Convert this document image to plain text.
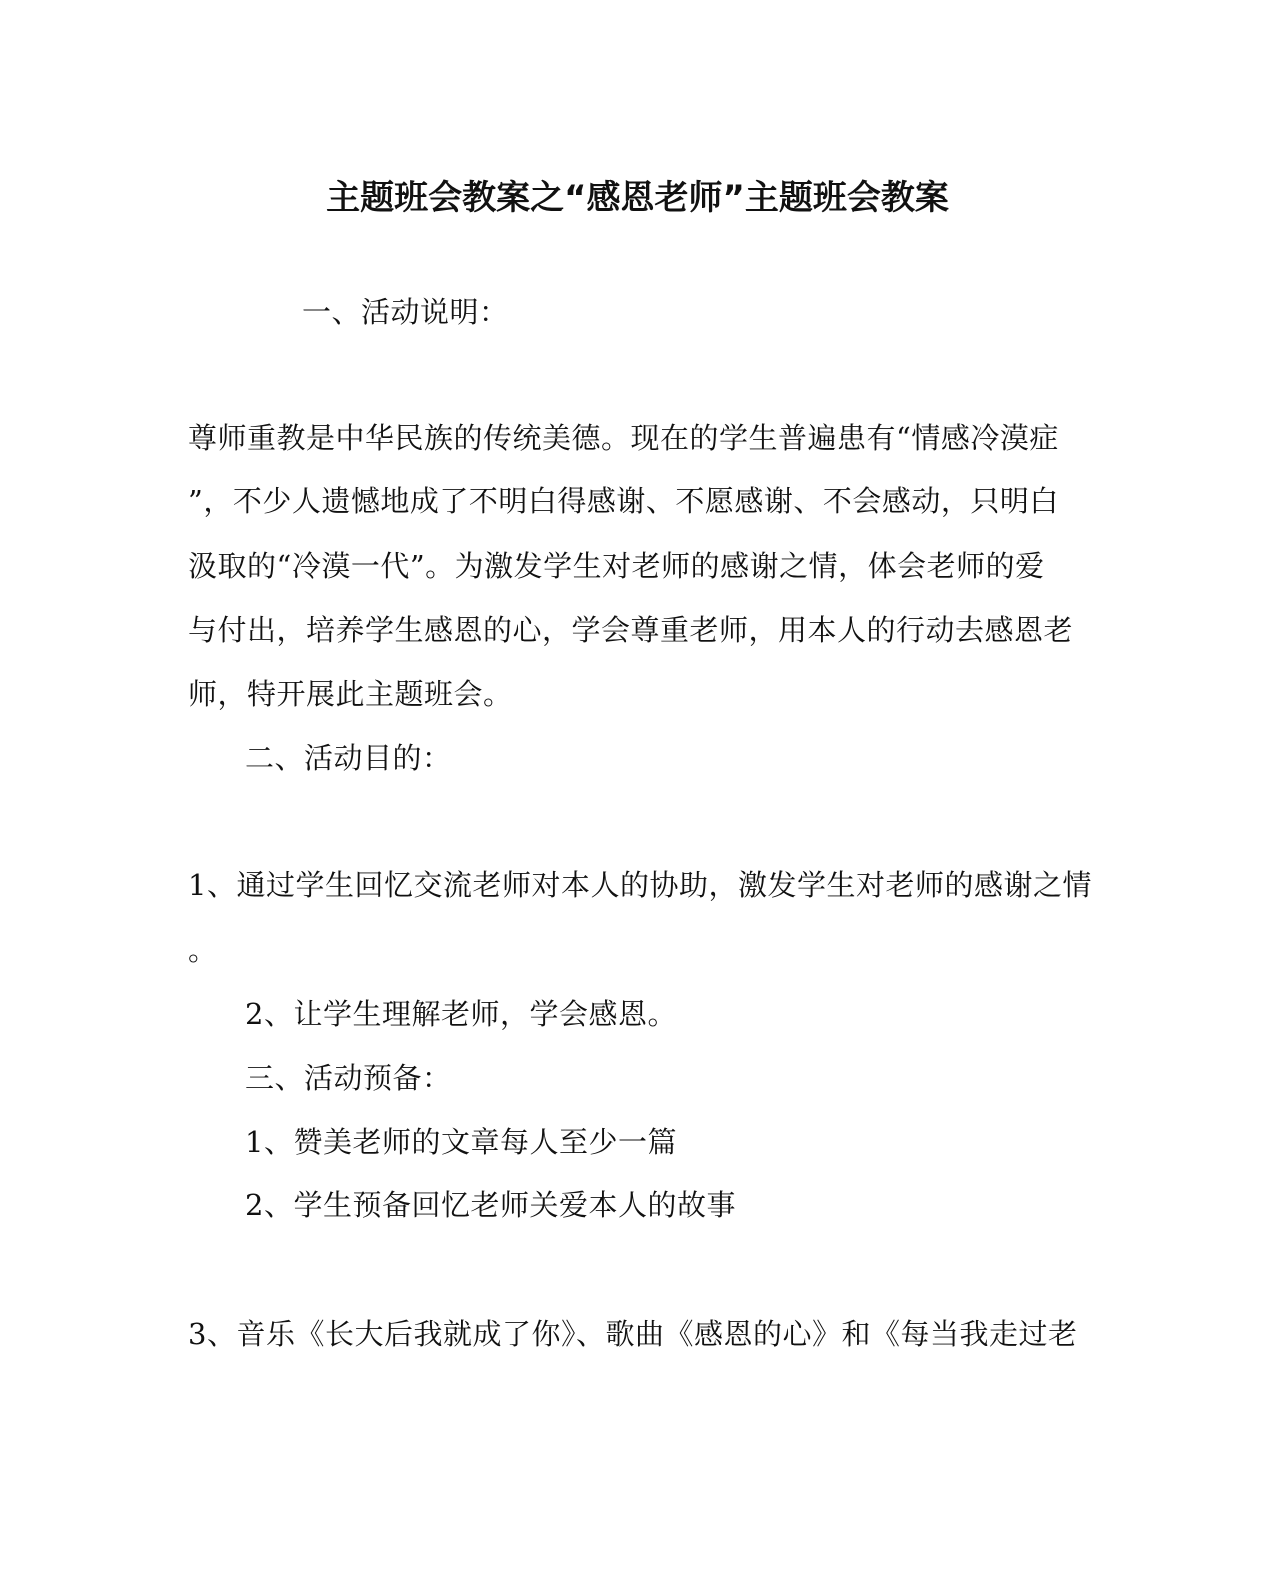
主题班会教案之“感恩老师”主题班会教案
一、活动说明：
尊师重教是中华民族的传统美德。现在的学生普遍患有“情感冷漠症
”，不少人遗憾地成了不明白得感谢、不愿感谢、不会感动，只明白
汲取的“冷漠一代”。为激发学生对老师的感谢之情，体会老师的爱
与付出，培养学生感恩的心，学会尊重老师，用本人的行动去感恩老
师，特开展此主题班会。
二、活动目的：
1、通过学生回忆交流老师对本人的协助，激发学生对老师的感谢之情
。
2、让学生理解老师，学会感恩。
三、活动预备：
1、赞美老师的文章每人至少一篇
2、学生预备回忆老师关爱本人的故事
3、音乐《长大后我就成了你》、歌曲《感恩的心》和《每当我走过老
